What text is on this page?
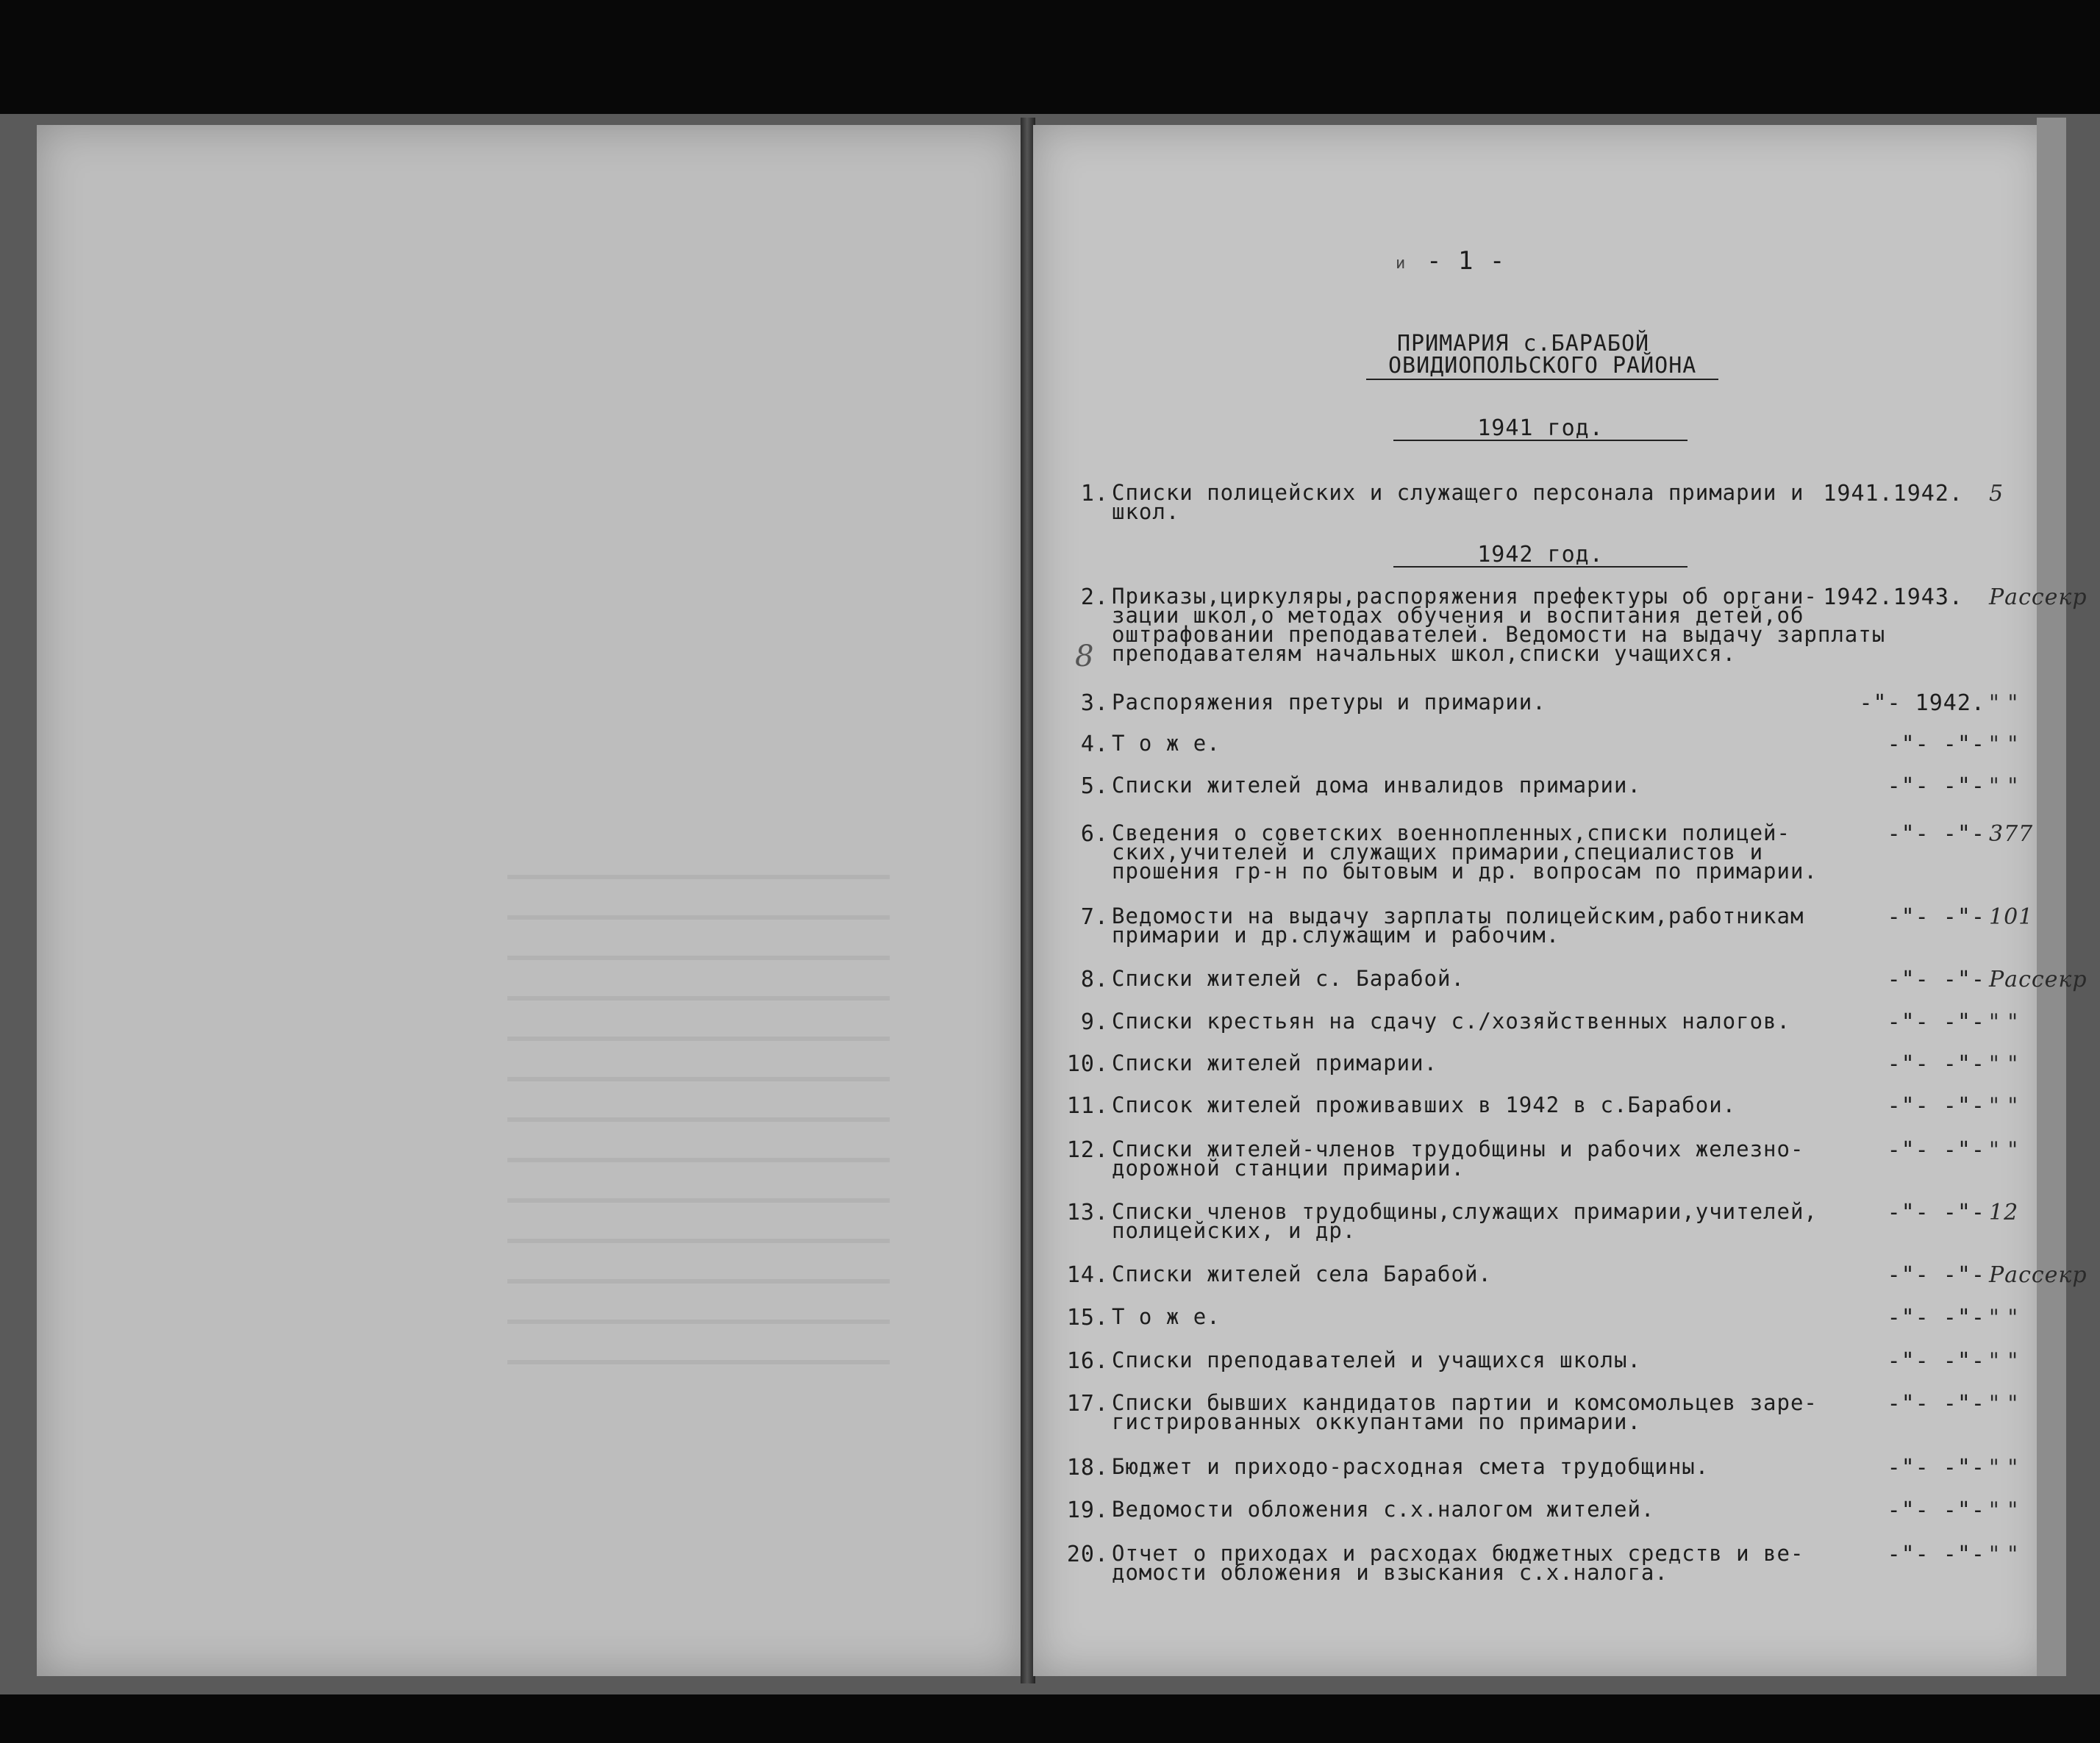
и - 1 -
ПРИМАРИЯ с.БАРАБОЙ
ОВИДИОПОЛЬСКОГО РАЙОНА
1941 год.
1942 год.
8
1. Списки полицейских и служащего персонала примарии и
школ.
1941.1942. 5
2. Приказы,циркуляры,распоряжения префектуры об органи-
зации школ,о методах обучения и воспитания детей,об
оштрафовании преподавателей. Ведомости на выдачу зарплаты
преподавателям начальных школ,списки учащихся.
1942.1943. Рассекр
3. Распоряжения претуры и примарии.	-"- 1942. " "
4. Т о ж е.	-"- -"- " "
5. Списки жителей дома инвалидов примарии.	-"- -"- " "
6. Сведения о советских военнопленных,списки полицей-
ских,учителей и служащих примарии,специалистов и
прошения гр-н по бытовым и др. вопросам по примарии.
-"- -"- 377
7. Ведомости на выдачу зарплаты полицейским,работникам
примарии и др.служащим и рабочим.
-"- -"- 101
8. Списки жителей с. Барабой.	-"- -"- Рассекр
9. Списки крестьян на сдачу с./хозяйственных налогов.	-"- -"- " "
10. Списки жителей примарии.	-"- -"- " "
11. Список жителей проживавших в 1942 в с.Барабои.	-"- -"- " "
12. Списки жителей-членов трудобщины и рабочих железно-
дорожной станции примарии.
-"- -"- " "
13. Списки членов трудобщины,служащих примарии,учителей,
полицейских, и др.
-"- -"- 12
14. Списки жителей села Барабой.	-"- -"- Рассекр
15. Т о ж е.	-"- -"- " "
16. Списки преподавателей и учащихся школы.	-"- -"- " "
17. Списки бывших кандидатов партии и комсомольцев заре-
гистрированных оккупантами по примарии.
-"- -"- " "
18. Бюджет и приходо-расходная смета трудобщины.	-"- -"- " "
19. Ведомости обложения с.х.налогом жителей.	-"- -"- " "
20. Отчет о приходах и расходах бюджетных средств и ве-
домости обложения и взыскания с.х.налога.
-"- -"- " "
